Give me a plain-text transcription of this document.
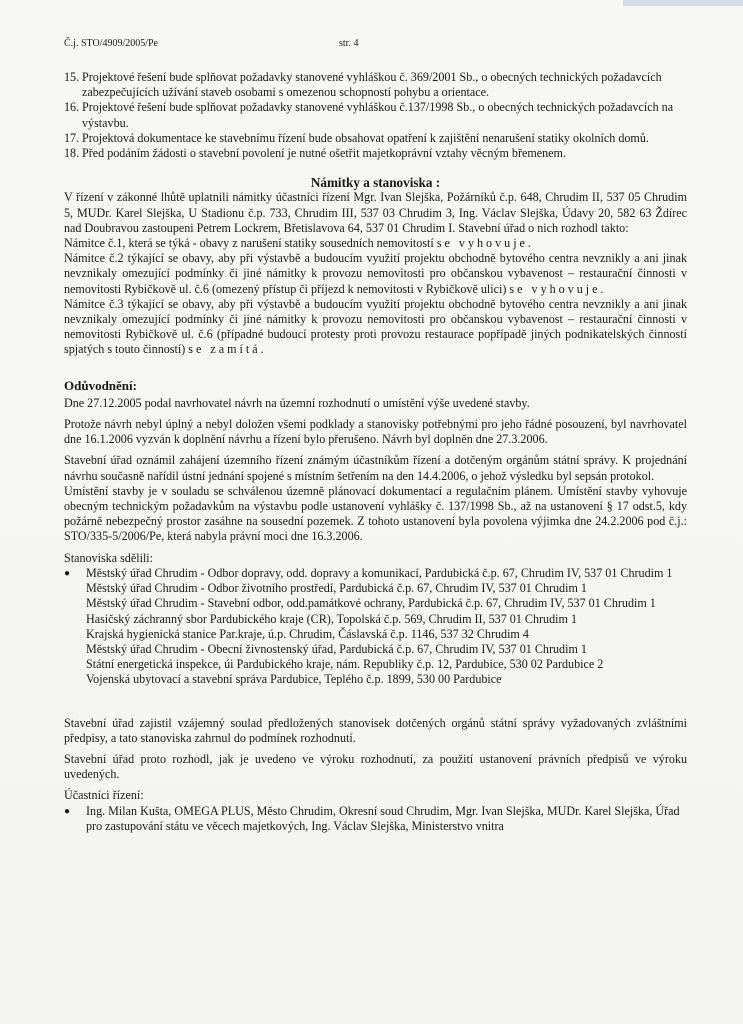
Č.j. STO/4909/2005/Pe	str. 4
15. Projektové řešení bude splňovat požadavky stanovené vyhláškou č. 369/2001 Sb., o obecných technických požadavcích zabezpečujících užívání staveb osobami s omezenou schopností pohybu a orientace.
16. Projektové řešení bude splňovat požadavky stanovené vyhláškou č.137/1998 Sb., o obecných technických požadavcích na výstavbu.
17. Projektová dokumentace ke stavebnímu řízení bude obsahovat opatření k zajištění nenarušení statiky okolních domů.
18. Před podáním žádosti o stavební povolení je nutné ošetřit majetkoprávní vztahy věcným břemenem.
Námitky a stanoviska :

V řízení v zákonné lhůtě uplatnili námitky účastníci řízení Mgr. Ivan Slejška, Požárníků č.p. 648, Chrudim II, 537 05 Chrudim 5, MUDr. Karel Slejška, U Stadionu č.p. 733, Chrudim III, 537 03 Chrudim 3, Ing. Václav Slejška, Údavy 20, 582 63 Ždírec nad Doubravou zastoupeni Petrem Lockrem, Břetislavova 64, 537 01 Chrudim I. Stavební úřad o nich rozhodl takto:

Námitce č.1, která se týká - obavy z narušení statiky sousedních nemovitostí se vyhovuje.

Námitce č.2 týkající se obavy, aby při výstavbě a budoucím využití projektu obchodně bytového centra nevznikly a ani jinak nevznikaly omezující podmínky či jiné námitky k provozu nemovitosti pro občanskou vybavenost – restaurační činnosti v nemovitosti Rybičkově ul. č.6 (omezený přístup či příjezd k nemovitosti v Rybičkově ulici) se vyhovuje.

Námitce č.3 týkající se obavy, aby při výstavbě a budoucím využití projektu obchodně bytového centra nevznikly a ani jinak nevznikaly omezující podmínky či jiné námitky k provozu nemovitosti pro občanskou vybavenost – restaurační činnosti v nemovitosti Rybičkově ul. č.6 (případné budoucí protesty proti provozu restaurace popřípadě jiných podnikatelských činností spjatých s touto činností) se zamítá.

Odůvodnění:

Dne 27.12.2005 podal navrhovatel návrh na územní rozhodnutí o umístění výše uvedené stavby.

Protože návrh nebyl úplný a nebyl doložen všemi podklady a stanovisky potřebnými pro jeho řádné posouzení, byl navrhovatel dne 16.1.2006 vyzván k doplnění návrhu a řízení bylo přerušeno. Návrh byl doplněn dne 27.3.2006.

Stavební úřad oznámil zahájení územního řízení známým účastníkům řízení a dotčeným orgánům státní správy. K projednání návrhu současně nařídil ústní jednání spojené s místním šetřením na den 14.4.2006, o jehož výsledku byl sepsán protokol.

Umístění stavby je v souladu se schválenou územně plánovací dokumentací a regulačním plánem. Umístění stavby vyhovuje obecným technickým požadavkům na výstavbu podle ustanovení vyhlášky č. 137/1998 Sb., až na ustanovení § 17 odst.5, kdy požárně nebezpečný prostor zasáhne na sousední pozemek. Z tohoto ustanovení byla povolena výjimka dne 24.2.2006 pod č.j.: STO/335-5/2006/Pe, která nabyla právní moci dne 16.3.2006.

Stanoviska sdělili:

●	Městský úřad Chrudim - Odbor dopravy, odd. dopravy a komunikací, Pardubická č.p. 67, Chrudim IV, 537 01 Chrudim 1
Městský úřad Chrudim - Odbor životního prostředí, Pardubická č.p. 67, Chrudim IV, 537 01 Chrudim 1
Městský úřad Chrudim - Stavební odbor, odd.památkové ochrany, Pardubická č.p. 67, Chrudim IV, 537 01 Chrudim 1
Hasičský záchranný sbor Pardubického kraje (CR), Topolská č.p. 569, Chrudim II, 537 01 Chrudim 1
Krajská hygienická stanice Par.kraje, ú.p. Chrudim, Čáslavská č.p. 1146, 537 32 Chrudim 4
Městský úřad Chrudim - Obecní živnostenský úřad, Pardubická č.p. 67, Chrudim IV, 537 01 Chrudim 1
Státní energetická inspekce, úi Pardubického kraje, nám. Republiky č.p. 12, Pardubice, 530 02 Pardubice 2
Vojenská ubytovací a stavební správa Pardubice, Teplého č.p. 1899, 530 00 Pardubice

Stavební úřad zajistil vzájemný soulad předložených stanovisek dotčených orgánů státní správy vyžadovaných zvláštními předpisy, a tato stanoviska zahrnul do podmínek rozhodnutí.

Stavební úřad proto rozhodl, jak je uvedeno ve výroku rozhodnutí, za použití ustanovení právních předpisů ve výroku uvedených.

Účastníci řízení:

●	Ing. Milan Kušta, OMEGA PLUS, Město Chrudim, Okresní soud Chrudim, Mgr. Ivan Slejška, MUDr. Karel Slejška, Úřad pro zastupování státu ve věcech majetkových, Ing. Václav Slejška, Ministerstvo vnitra
